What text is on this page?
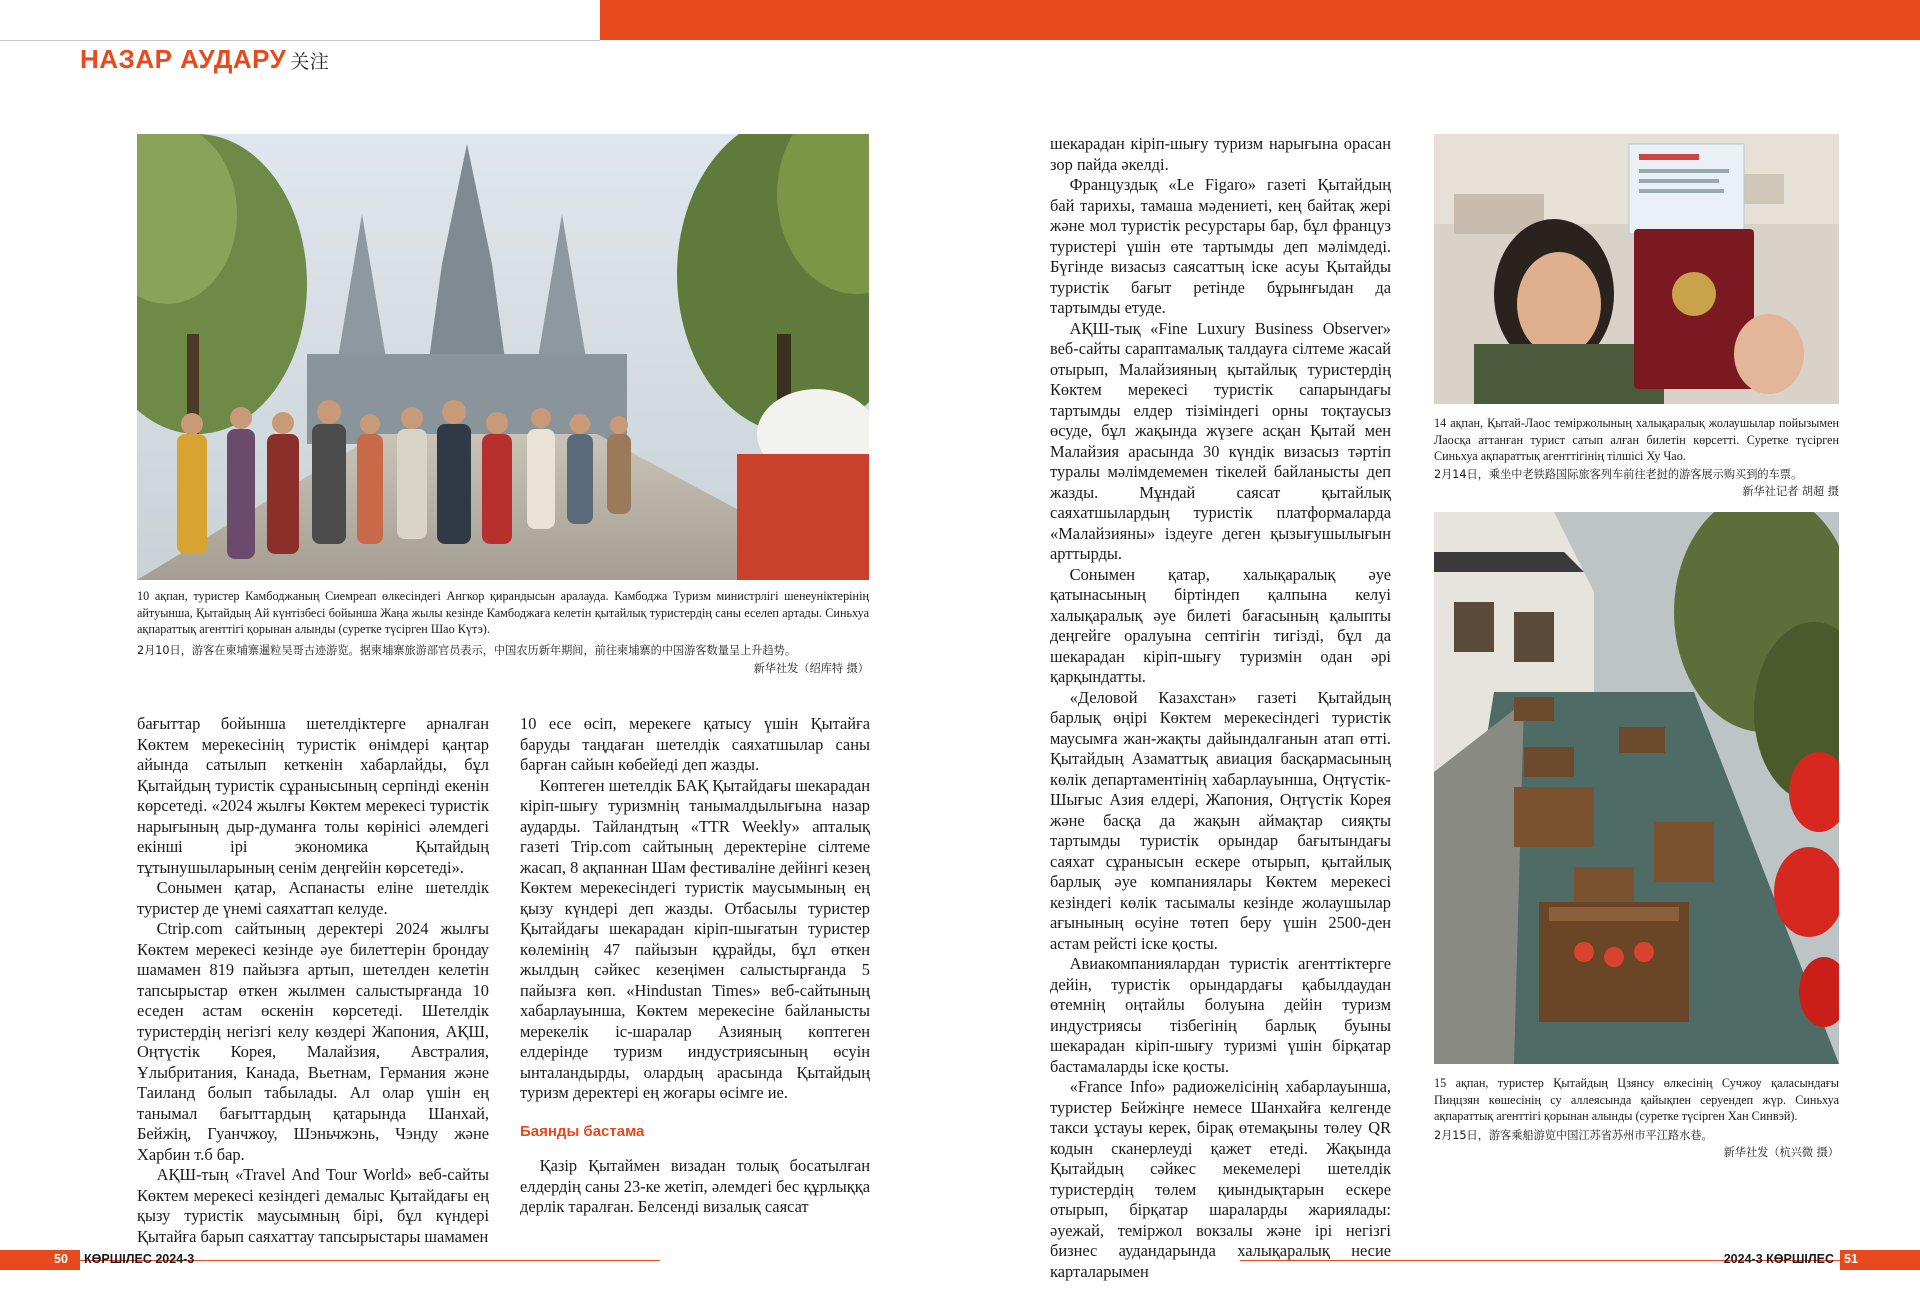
НАЗАР АУДАРУ 关注
10 ақпан, туристер Камбоджаның Сиемреап өлкесіндегі Ангкор қирандысын аралауда. Камбоджа Туризм министрлігі шенеуніктерінің айтуынша, Қытайдың Ай күнтізбесі бойынша Жаңа жылы кезінде Камбоджаға келетін қытайлық туристердің саны еселеп артады. Синьхуа ақпараттық агенттігі қорынан алынды (суретке түсірген Шао Күтэ).
2月10日，游客在柬埔寨暹粒吴哥古迹游览。据柬埔寨旅游部官员表示，中国农历新年期间，前往柬埔寨的中国游客数量呈上升趋势。
新华社发（绍库特 摄）

бағыттар бойынша шетелдіктерге арналған Көктем мерекесінің туристік өнімдері қаңтар айында сатылып кеткенін хабарлайды, бұл Қытайдың туристік сұранысының серпінді екенін көрсетеді. «2024 жылғы Көктем мерекесі туристік нарығының дыр-думанға толы көрінісі әлемдегі екінші ірі экономика Қытайдың тұтынушыларының сенім деңгейін көрсетеді».

Сонымен қатар, Аспанасты еліне шетелдік туристер де үнемі саяхаттап келуде.

Ctrip.com сайтының деректері 2024 жылғы Көктем мерекесі кезінде әуе билеттерін брондау шамамен 819 пайызға артып, шетелден келетін тапсырыстар өткен жылмен салыстырғанда 10 еседен астам өскенін көрсетеді. Шетелдік туристердің негізгі келу көздері Жапония, АҚШ, Оңтүстік Корея, Малайзия, Австралия, Ұлыбритания, Канада, Вьетнам, Германия және Таиланд болып табылады. Ал олар үшін ең танымал бағыттардың қатарында Шанхай, Бейжің, Гуанчжоу, Шэньчжэнь, Чэнду және Харбин т.б бар.

АҚШ-тың «Travel And Tour World» веб-сайты Көктем мерекесі кезіндегі демалыс Қытайдағы ең қызу туристік маусымның бірі, бұл күндері Қытайға барып саяхаттау тапсырыстары шамамен

10 есе өсіп, мерекеге қатысу үшін Қытайға баруды таңдаған шетелдік саяхатшылар саны барған сайын көбейеді деп жазды.

Көптеген шетелдік БАҚ Қытайдағы шекарадан кіріп-шығу туризмнің танымалдылығына назар аударды. Тайландтың «TTR Weekly» апталық газеті Trip.com сайтының деректеріне сілтеме жасап, 8 ақпаннан Шам фестиваліне дейінгі кезең Көктем мерекесіндегі туристік маусымының ең қызу күндері деп жазды. Отбасылы туристер Қытайдағы шекарадан кіріп-шығатын туристер көлемінің 47 пайызын құрайды, бұл өткен жылдың сәйкес кезеңімен салыстырғанда 5 пайызға көп. «Hindustan Times» веб-сайтының хабарлауынша, Көктем мерекесіне байланысты мерекелік іс-шаралар Азияның көптеген елдерінде туризм индустриясының өсуін ынталандырды, олардың арасында Қытайдың туризм деректері ең жоғары өсімге ие.

Баянды бастама

Қазір Қытаймен визадан толық босатылған елдердің саны 23-ке жетіп, әлемдегі бес құрлыққа дерлік таралған. Белсенді визалық саясат

шекарадан кіріп-шығу туризм нарығына орасан зор пайда әкелді.

Француздық «Le Figaro» газеті Қытайдың бай тарихы, тамаша мәдениеті, кең байтақ жері және мол туристік ресурстары бар, бұл француз туристері үшін өте тартымды деп мәлімдеді. Бүгінде визасыз саясаттың іске асуы Қытайды туристік бағыт ретінде бұрынғыдан да тартымды етуде.

АҚШ-тық «Fine Luxury Business Observer» веб-сайты сараптамалық талдауға сілтеме жасай отырып, Малайзияның қытайлық туристердің Көктем мерекесі туристік сапарындағы тартымды елдер тізіміндегі орны тоқтаусыз өсуде, бұл жақында жүзеге асқан Қытай мен Малайзия арасында 30 күндік визасыз тәртіп туралы мәлімдемемен тікелей байланысты деп жазды. Мұндай саясат қытайлық саяхатшылардың туристік платформаларда «Малайзияны» іздеуге деген қызығушылығын арттырды.

Сонымен қатар, халықаралық әуе қатынасының біртіндеп қалпына келуі халықаралық әуе билеті бағасының қалыпты деңгейге оралуына септігін тигізді, бұл да шекарадан кіріп-шығу туризмін одан әрі қарқындатты.

«Деловой Казахстан» газеті Қытайдың барлық өңірі Көктем мерекесіндегі туристік маусымға жан-жақты дайындалғанын атап өтті. Қытайдың Азаматтық авиация басқармасының көлік департаментінің хабарлауынша, Оңтүстік-Шығыс Азия елдері, Жапония, Оңтүстік Корея және басқа да жақын аймақтар сияқты тартымды туристік орындар бағытындағы саяхат сұранысын ескере отырып, қытайлық барлық әуе компаниялары Көктем мерекесі кезіндегі көлік тасымалы кезінде жолаушылар ағынының өсуіне төтеп беру үшін 2500-ден астам рейсті іске қосты.

Авиакомпаниялардан туристік агенттіктерге дейін, туристік орындардағы қабылдаудан өтемнің оңтайлы болуына дейін туризм индустриясы тізбегінің барлық буыны шекарадан кіріп-шығу туризмі үшін бірқатар бастамаларды іске қосты.

«France Info» радиожелісінің хабарлауынша, туристер Бейжіңге немесе Шанхайға келгенде такси ұстауы керек, бірақ өтемақыны төлеу QR кодын сканерлеуді қажет етеді. Жақында Қытайдың сәйкес мекемелері шетелдік туристердің төлем қиындықтарын ескере отырып, бірқатар шараларды жариялады: әуежай, теміржол вокзалы және ірі негізгі бизнес аудандарында халықаралық несие карталарымен

14 ақпан, Қытай-Лаос теміржолының халықаралық жолаушылар пойызымен Лаосқа аттанған турист сатып алған билетін көрсетті. Суретке түсірген Синьхуа ақпараттық агенттігінің тілшісі Ху Чао.
2月14日，乘坐中老铁路国际旅客列车前往老挝的游客展示购买到的车票。
新华社记者 胡超 摄
15 ақпан, туристер Қытайдың Цзянсу өлкесінің Сучжоу қаласындағы Пиңцзян көшесінің су аллеясында қайықпен серуендеп жүр. Синьхуа ақпараттық агенттігі қорынан алынды (суретке түсірген Хан Синвэй).
2月15日，游客乘船游览中国江苏省苏州市平江路水巷。
新华社发（杭兴微 摄）
50 КӨРШІЛЕС 2024-3	2024-3 КӨРШІЛЕС 51
